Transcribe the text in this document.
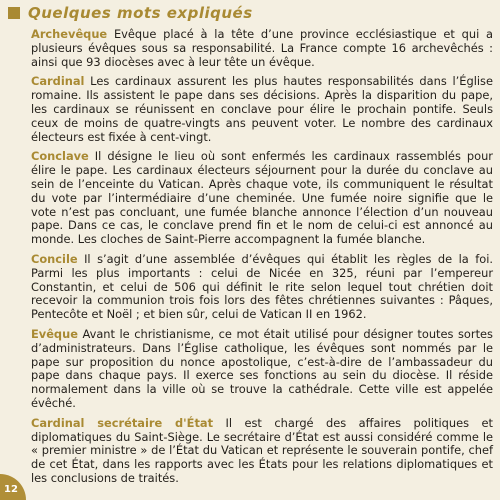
Quelques mots expliqués

Archevêque Evêque placé à la tête d’une province ecclésiastique et qui a plusieurs évêques sous sa responsabilité. La France compte 16 archevêchés : ainsi que 93 diocèses avec à leur tête un évêque.

Cardinal Les cardinaux assurent les plus hautes responsabilités dans l’Église romaine. Ils assistent le pape dans ses décisions. Après la disparition du pape, les cardinaux se réunissent en conclave pour élire le prochain pontife. Seuls ceux de moins de quatre-vingts ans peuvent voter. Le nombre des cardinaux électeurs est fixée à cent-vingt.

Conclave Il désigne le lieu où sont enfermés les cardinaux rassemblés pour élire le pape. Les cardinaux électeurs séjournent pour la durée du conclave au sein de l’enceinte du Vatican. Après chaque vote, ils communiquent le résultat du vote par l’intermédiaire d’une cheminée. Une fumée noire signifie que le vote n’est pas concluant, une fumée blanche annonce l’élection d’un nouveau pape. Dans ce cas, le conclave prend fin et le nom de celui-ci est annoncé au monde. Les cloches de Saint-Pierre accompagnent la fumée blanche.

Concile Il s’agit d’une assemblée d’évêques qui établit les règles de la foi. Parmi les plus importants : celui de Nicée en 325, réuni par l’empereur Constantin, et celui de 506 qui définit le rite selon lequel tout chrétien doit recevoir la communion trois fois lors des fêtes chrétiennes suivantes : Pâques, Pentecôte et Noël ; et bien sûr, celui de Vatican II en 1962.

Evêque Avant le christianisme, ce mot était utilisé pour désigner toutes sortes d’administrateurs. Dans l’Église catholique, les évêques sont nommés par le pape sur proposition du nonce apostolique, c’est-à-dire de l’ambassadeur du pape dans chaque pays. Il exerce ses fonctions au sein du diocèse. Il réside normalement dans la ville où se trouve la cathédrale. Cette ville est appelée évêché.

Cardinal secrétaire d'État Il est chargé des affaires politiques et diplomatiques du Saint-Siège. Le secrétaire d’État est aussi considéré comme le « premier ministre » de l’État du Vatican et représente le souverain pontife, chef de cet État, dans les rapports avec les États pour les relations diplomatiques et les conclusions de traités.

12
